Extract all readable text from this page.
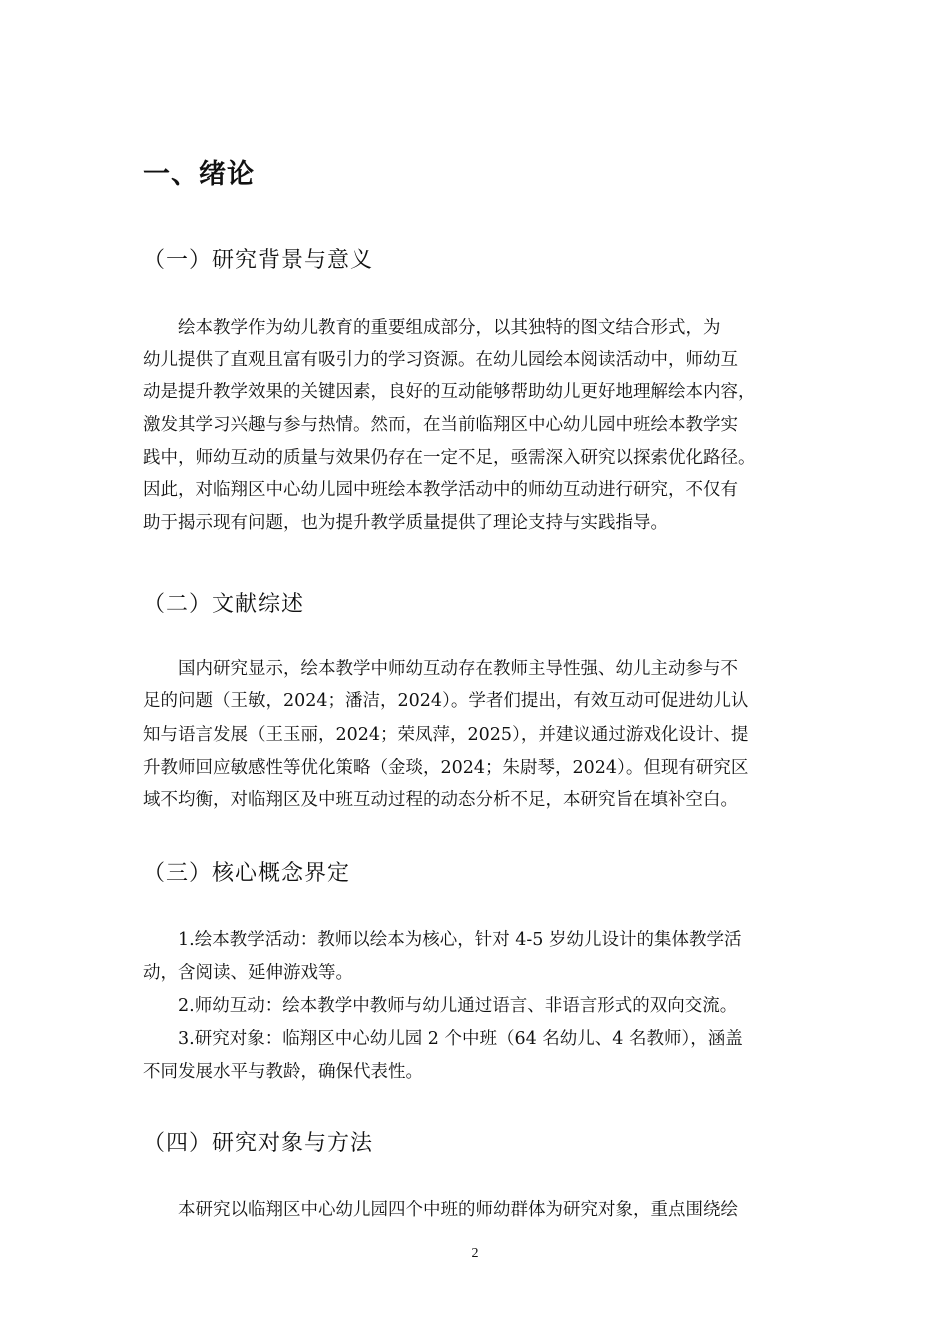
一、绪论
（一）研究背景与意义
　　绘本教学作为幼儿教育的重要组成部分，以其独特的图文结合形式，为
幼儿提供了直观且富有吸引力的学习资源。在幼儿园绘本阅读活动中，师幼互
动是提升教学效果的关键因素，良好的互动能够帮助幼儿更好地理解绘本内容，
激发其学习兴趣与参与热情。然而，在当前临翔区中心幼儿园中班绘本教学实
践中，师幼互动的质量与效果仍存在一定不足，亟需深入研究以探索优化路径。
因此，对临翔区中心幼儿园中班绘本教学活动中的师幼互动进行研究，不仅有
助于揭示现有问题，也为提升教学质量提供了理论支持与实践指导。
（二）文献综述
　　国内研究显示，绘本教学中师幼互动存在教师主导性强、幼儿主动参与不
足的问题（王敏，2024；潘洁，2024）。学者们提出，有效互动可促进幼儿认
知与语言发展（王玉丽，2024；荣凤萍，2025），并建议通过游戏化设计、提
升教师回应敏感性等优化策略（金琰，2024；朱尉琴，2024）。但现有研究区
域不均衡，对临翔区及中班互动过程的动态分析不足，本研究旨在填补空白。
（三）核心概念界定
　　1.绘本教学活动：教师以绘本为核心，针对 4-5 岁幼儿设计的集体教学活
动，含阅读、延伸游戏等。
　　2.师幼互动：绘本教学中教师与幼儿通过语言、非语言形式的双向交流。
　　3.研究对象：临翔区中心幼儿园 2 个中班（64 名幼儿、4 名教师），涵盖
不同发展水平与教龄，确保代表性。
（四）研究对象与方法
　　本研究以临翔区中心幼儿园四个中班的师幼群体为研究对象，重点围绕绘
2
